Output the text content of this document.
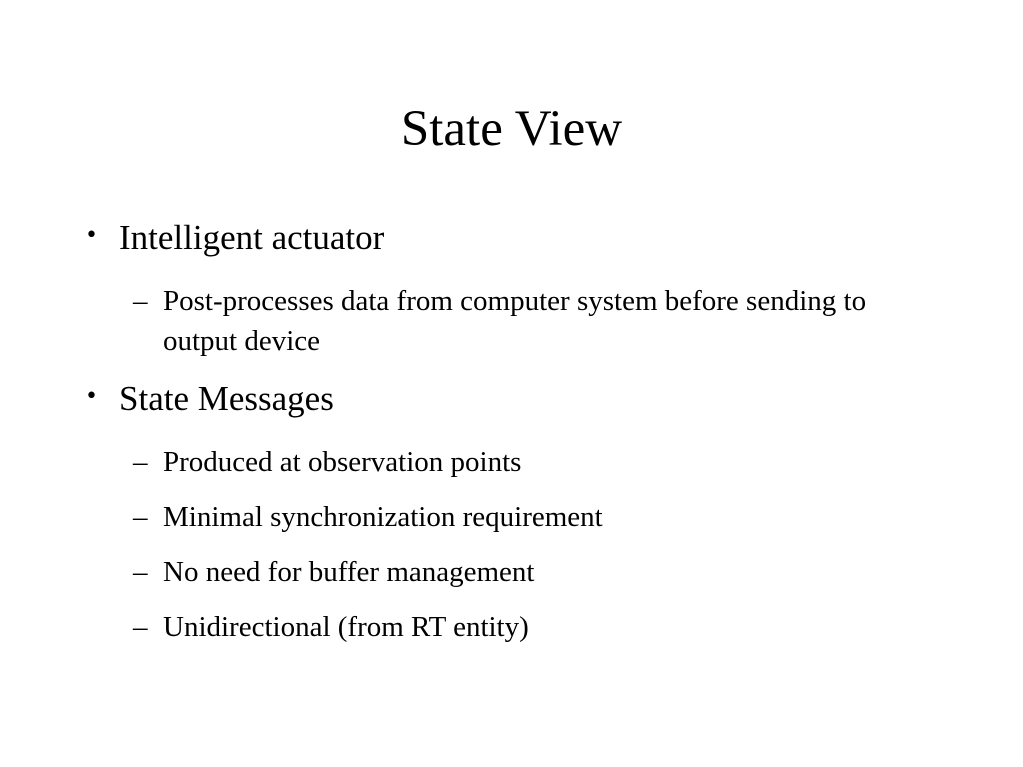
State View
• Intelligent actuator
– Post-processes data from computer system before sending to output device
• State Messages
– Produced at observation points
– Minimal synchronization requirement
– No need for buffer management
– Unidirectional (from RT entity)
